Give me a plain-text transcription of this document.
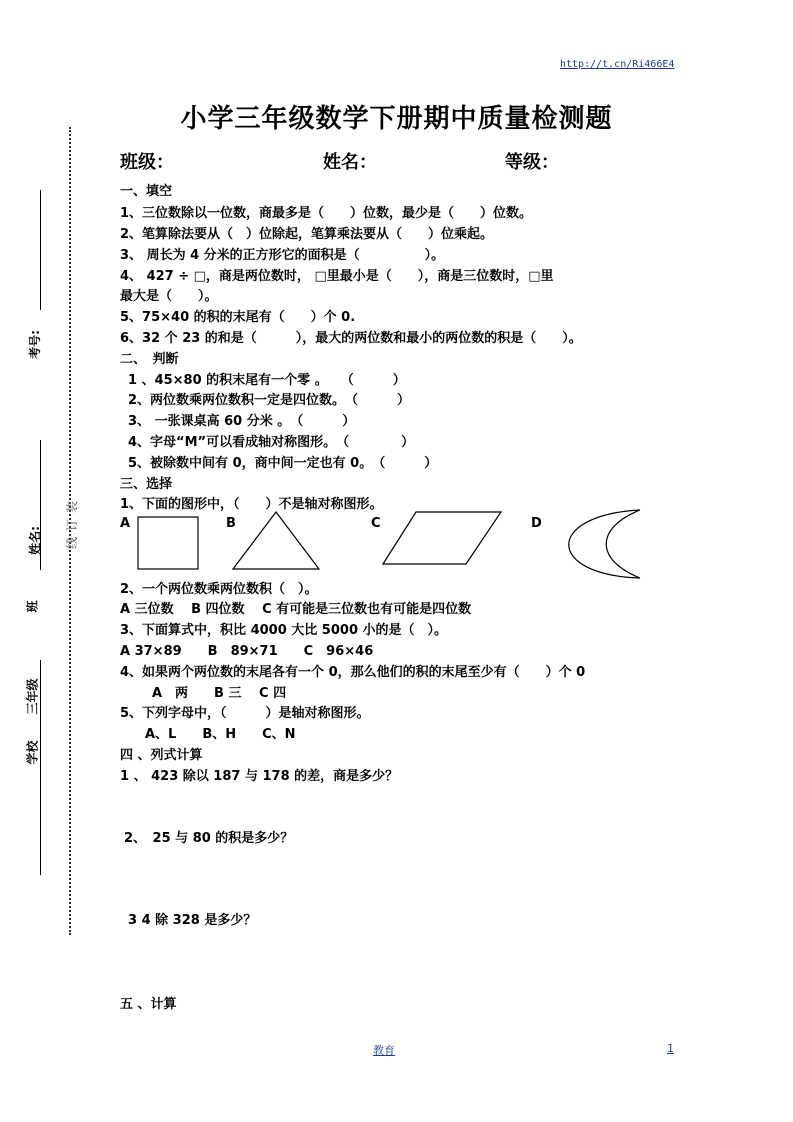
http://t.cn/Ri466E4
小学三年级数学下册期中质量检测题
班级：	姓名：	等级：
考号:
姓名:
班
三年级
学校
装
订
线
一、填空
1、三位数除以一位数，商最多是（　　）位数，最少是（　　）位数。
2、笔算除法要从（　）位除起，笔算乘法要从（　　）位乘起。
3、 周长为 4 分米的正方形它的面积是（　　　　　）。
4、 427 ÷ □，商是两位数时， □里最小是（　　），商是三位数时，□里
最大是（　　）。
5、75×40 的积的末尾有（　　）个 0.
6、32 个 23 的和是（　　　），最大的两位数和最小的两位数的积是（　　）。
二、　判断
1 、45×80 的积末尾有一个零 。　　（　　　）
2、两位数乘两位数积一定是四位数。　（　　　）
3、 一张课桌高 60 分米 。　（　　　）
4、字母“M”可以看成轴对称图形。　（　　　　）
5、被除数中间有 0，商中间一定也有 0。　（　　　）
三、选择
1、下面的图形中，（　　）不是轴对称图形。
A	B	C	D
2、一个两位数乘两位数积（　）。
A 三位数　 B 四位数　 C 有可能是三位数也有可能是四位数
3、下面算式中，积比 4000 大比 5000 小的是（　）。
A 37×89　　B　89×71　　C　96×46
4、如果两个两位数的末尾各有一个 0，那么他们的积的末尾至少有（　　）个 0
A　两　　B 三　 C 四
5、下列字母中，（　　　）是轴对称图形。
A、L　　B、H　　C、N
四 、列式计算
1 、 423 除以 187 与 178 的差，商是多少？
2、　25 与 80 的积是多少？
3 4 除 328 是多少？
五 、计算
教育	1
